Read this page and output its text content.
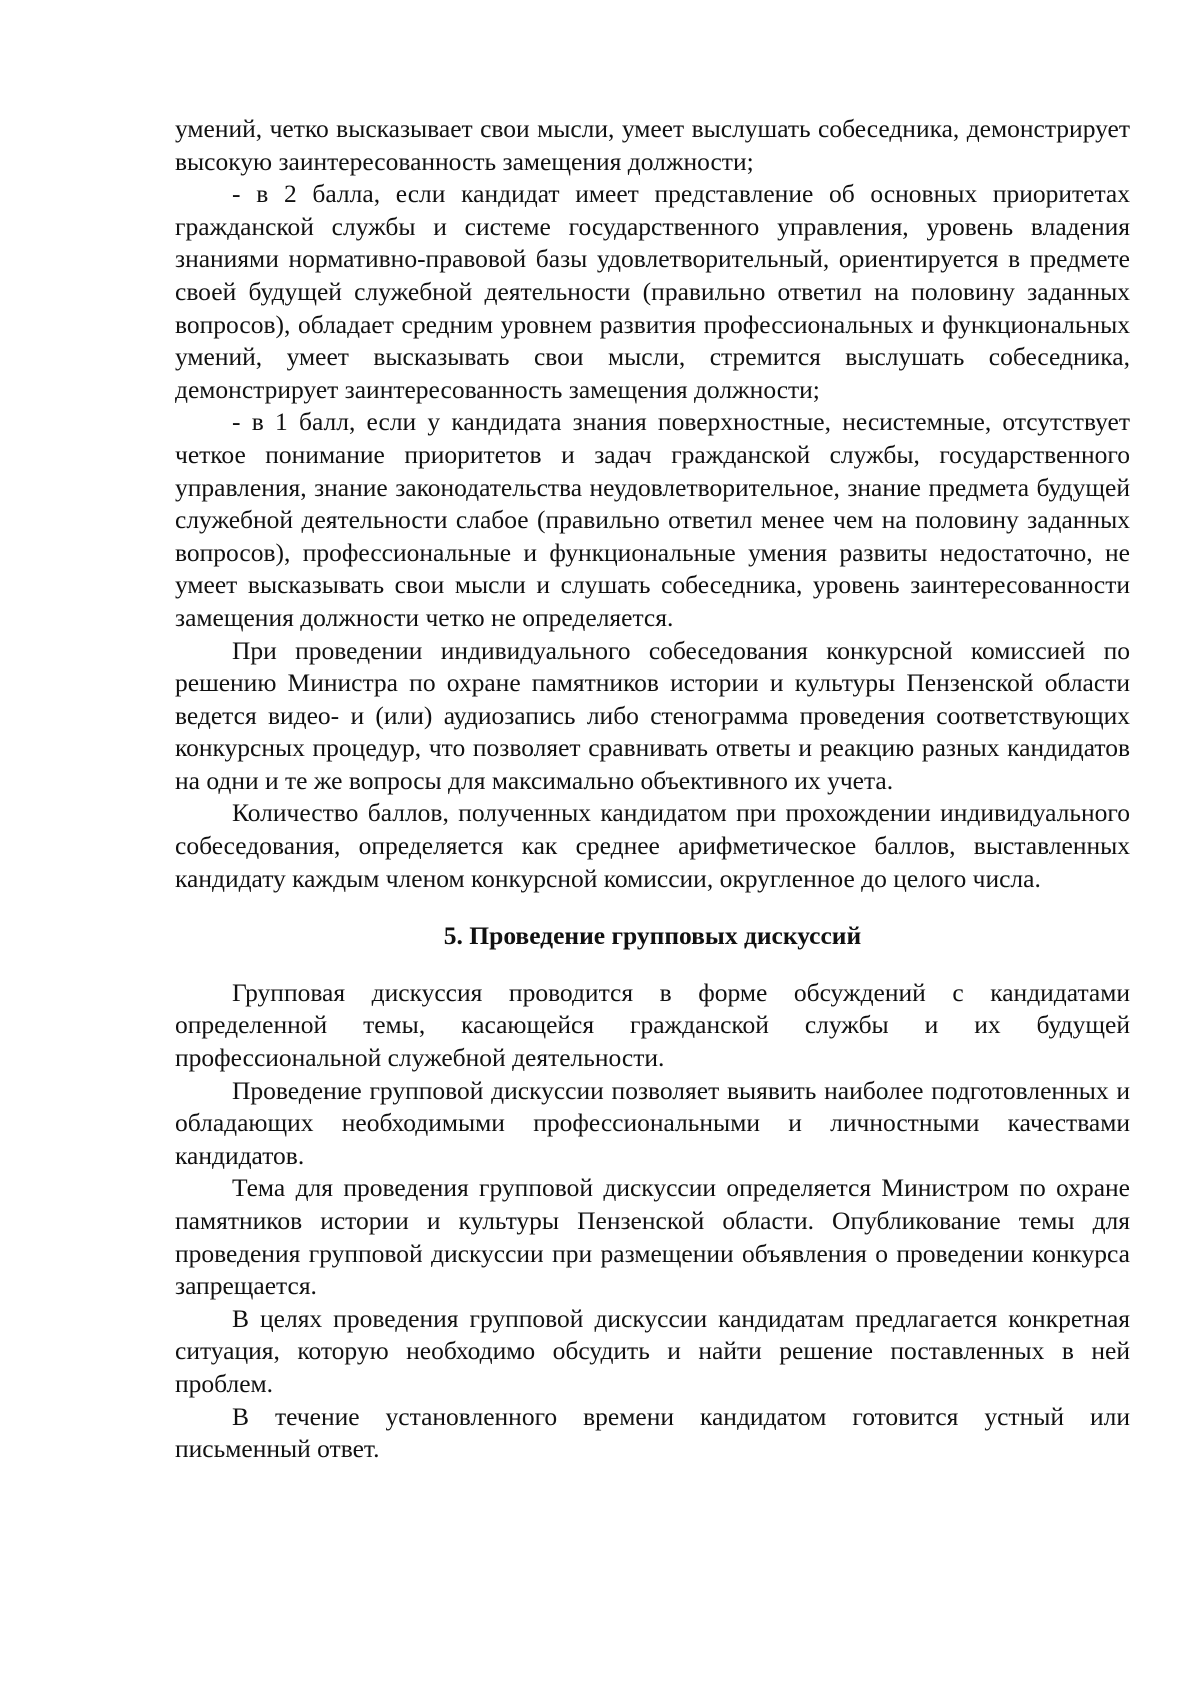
умений, четко высказывает свои мысли, умеет выслушать собеседника, демонстрирует высокую заинтересованность замещения должности;

- в 2 балла, если кандидат имеет представление об основных приоритетах гражданской службы и системе государственного управления, уровень владения знаниями нормативно-правовой базы удовлетворительный, ориентируется в предмете своей будущей служебной деятельности (правильно ответил на половину заданных вопросов), обладает средним уровнем развития профессиональных и функциональных умений, умеет высказывать свои мысли, стремится выслушать собеседника, демонстрирует заинтересованность замещения должности;

- в 1 балл, если у кандидата знания поверхностные, несистемные, отсутствует четкое понимание приоритетов и задач гражданской службы, государственного управления, знание законодательства неудовлетворительное, знание предмета будущей служебной деятельности слабое (правильно ответил менее чем на половину заданных вопросов), профессиональные и функциональные умения развиты недостаточно, не умеет высказывать свои мысли и слушать собеседника, уровень заинтересованности замещения должности четко не определяется.

При проведении индивидуального собеседования конкурсной комиссией по решению Министра по охране памятников истории и культуры Пензенской области ведется видео- и (или) аудиозапись либо стенограмма проведения соответствующих конкурсных процедур, что позволяет сравнивать ответы и реакцию разных кандидатов на одни и те же вопросы для максимально объективного их учета.

Количество баллов, полученных кандидатом при прохождении индивидуального собеседования, определяется как среднее арифметическое баллов, выставленных кандидату каждым членом конкурсной комиссии, округленное до целого числа.

5. Проведение групповых дискуссий

Групповая дискуссия проводится в форме обсуждений с кандидатами определенной темы, касающейся гражданской службы и их будущей профессиональной служебной деятельности.

Проведение групповой дискуссии позволяет выявить наиболее подготовленных и обладающих необходимыми профессиональными и личностными качествами кандидатов.

Тема для проведения групповой дискуссии определяется Министром по охране памятников истории и культуры Пензенской области. Опубликование темы для проведения групповой дискуссии при размещении объявления о проведении конкурса запрещается.

В целях проведения групповой дискуссии кандидатам предлагается конкретная ситуация, которую необходимо обсудить и найти решение поставленных в ней проблем.

В течение установленного времени кандидатом готовится устный или письменный ответ.
